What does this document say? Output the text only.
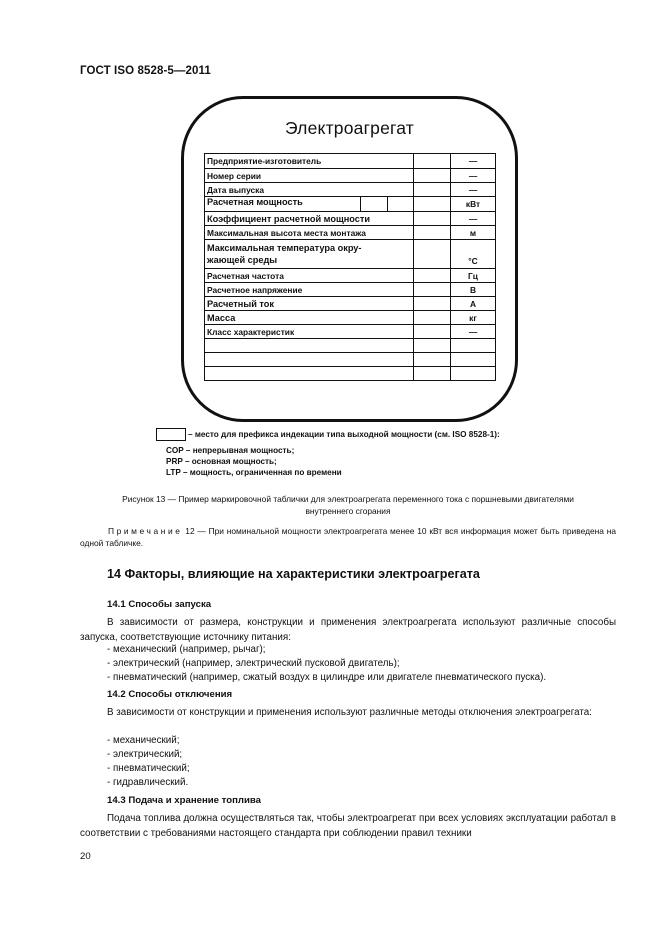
ГОСТ ISO 8528-5—2011
Электроагрегат
Предприятие-изготовитель		—
Номер серии		—
Дата выпуска		—

Расчетная мощность		кВт
Коэффициент расчетной мощности		—
Максимальная высота места монтажа		м

Максимальная температура окру-
жающей среды		°C
Расчетная частота		Гц
Расчетное напряжение		В
Расчетный ток		А
Масса		кг
Класс характеристик		—

– место для префикса индекации типа выходной мощности (см. ISO 8528-1):
COP – непрерывная мощность;
PRP – основная мощность;
LTP – мощность, ограниченная по времени
Рисунок 13 — Пример маркировочной таблички для электроагрегата переменного тока с поршневыми двигателями
внутреннего сгорания
Примечание 12 — При номинальной мощности электроагрегата менее 10 кВт вся информация может быть приведена на одной табличке.
14 Факторы, влияющие на характеристики электроагрегата
14.1 Способы запуска
В зависимости от размера, конструкции и применения электроагрегата используют различные способы запуска, соответствующие источнику питания:
- механический (например, рычаг);
- электрический (например, электрический пусковой двигатель);
- пневматический (например, сжатый воздух в цилиндре или двигателе пневматического пуска).
14.2 Способы отключения
В зависимости от конструкции и применения используют различные методы отключения электроагрегата:
- механический;
- электрический;
- пневматический;
- гидравлический.
14.3 Подача и хранение топлива
Подача топлива должна осуществляться так, чтобы электроагрегат при всех условиях эксплуатации работал в соответствии с требованиями настоящего стандарта при соблюдении правил техники
20
